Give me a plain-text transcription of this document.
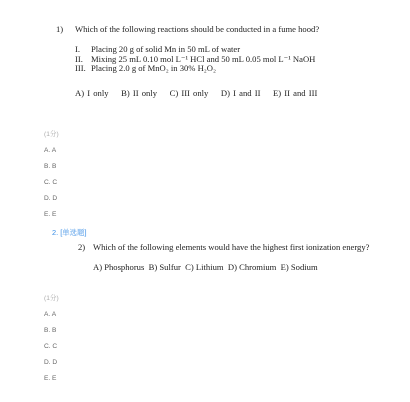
1)	Which of the following reactions should be conducted in a fume hood?
I.	Placing 20 g of solid Mn in 50 mL of water
II. Mixing 25 mL 0.10 mol L⁻¹ HCl and 50 mL 0.05 mol L⁻¹ NaOH
III. Placing 2.0 g of MnO₂ in 30% H₂O₂
A) I only    B) II only    C) III only    D) I and II    E) II and III
(1分)
A. A
B. B
C. C
D. D
E. E
2. [单选题]
2) Which of the following elements would have the highest first ionization energy?
A) Phosphorus  B) Sulfur  C) Lithium  D) Chromium  E) Sodium
(1分)
A. A
B. B
C. C
D. D
E. E
